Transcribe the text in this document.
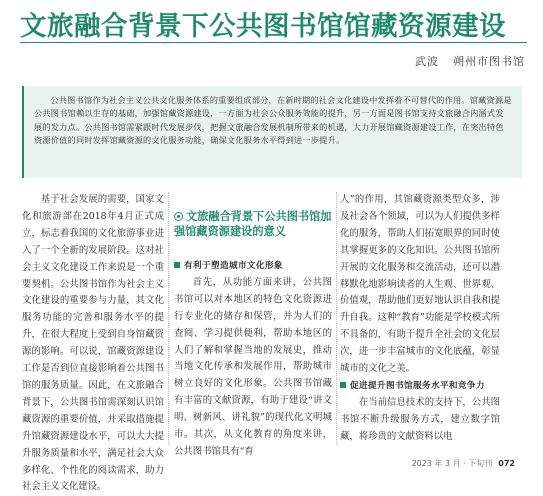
文旅融合背景下公共图书馆馆藏资源建设
武波 朔州市图书馆
公共图书馆作为社会主义公共文化服务体系的重要组成部分，在新时期的社会文化建设中发挥着不可替代的作用。馆藏资源是公共图书馆赖以生存的基础，加强馆藏资源建设，一方面为社会公众服务效能的提升，另一方面是图书馆支持文旅融合内涵式发展的发力点。公共图书馆需紧跟时代发展步伐，把握文旅融合发展机制所带来的机遇，大力开展馆藏资源建设工作，在突出特色资源价值的同时发挥馆藏资源的文化服务功能，确保文化服务水平得到进一步提升。

基于社会发展的需要，国家文化和旅游部在2018年4月正式成立，标志着我国的文化旅游事业进入了一个全新的发展阶段。这对社会主义文化建设工作来说是一个重要契机。公共图书馆作为社会主义文化建设的重要参与力量，其文化服务功能的完善和服务水平的提升，在很大程度上受到自身馆藏资源的影响。可以说，馆藏资源建设工作是否到位直接影响着公共图书馆的服务质量。因此，在文旅融合背景下，公共图书馆需深刻认识馆藏资源的重要价值，并采取措施提升馆藏资源建设水平，可以大大提升服务质量和水平，满足社会大众多样化、个性化的阅读需求，助力社会主义文化建设。

文旅融合背景下公共图书馆加强馆藏资源建设的意义

有利于塑造城市文化形象

首先，从功能方面来讲，公共图书馆可以对本地区的特色文化资源进行专业化的储存和保管，并为人们的查阅、学习提供便利，帮助本地区的人们了解和掌握当地的发展史，推动当地文化传承和发展作用，帮助城市树立良好的文化形象。公共图书馆藏有丰富的文献资源，有助于建设“讲文明、树新风、讲礼貌”的现代化文明城市。其次，从文化教育的角度来讲，公共图书馆具有“育

人”的作用，其馆藏资源类型众多，涉及社会各个领域，可以为人们提供多样化的服务，帮助人们拓宽眼界的同时使其掌握更多的文化知识。公共图书馆所开展的文化服务和交流活动，还可以潜移默化地影响读者的人生观、世界观、价值观，帮助他们更好地认识自我和提升自我。这种“教育”功能是学校模式所不具备的，有助于提升全社会的文化层次，进一步丰富城市的文化底蕴，彰显城市的文化之美。

促进提升图书馆服务水平和竞争力

在当前信息技术的支持下，公共图书馆不断升级服务方式，建立数字馆藏，将珍贵的文献资料以电

2023 年 3 月 · 下旬刊 072
